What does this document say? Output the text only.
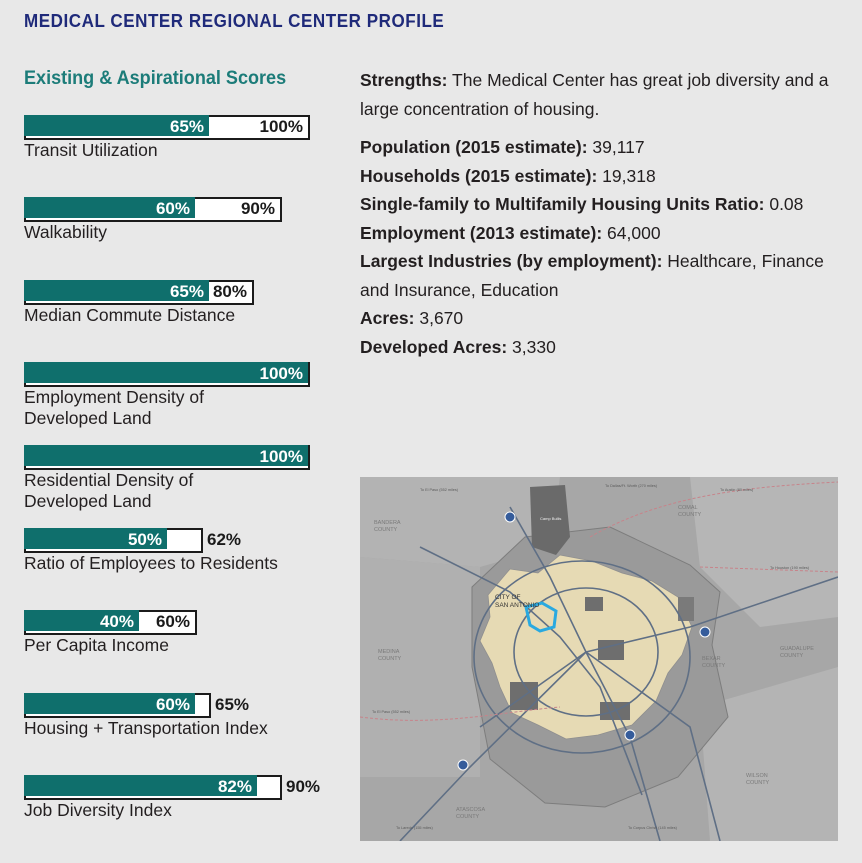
MEDICAL CENTER REGIONAL CENTER PROFILE
Existing & Aspirational Scores
65%	100%
Transit Utilization
60%	90%
Walkability
65% 80%
Median Commute Distance
100%
Employment Density of
Developed Land
100%
Residential Density of
Developed Land
50%	62%
Ratio of Employees to Residents
40%	60%
Per Capita Income
60% 65%
Housing + Transportation Index
82% 90%
Job Diversity Index
Strengths: The Medical Center has great job diversity and a large concentration of housing.
Population (2015 estimate): 39,117
Households (2015 estimate): 19,318
Single-family to Multifamily Housing Units Ratio: 0.08
Employment (2013 estimate): 64,000
Largest Industries (by employment): Healthcare, Finance and Insurance, Education
Acres: 3,670
Developed Acres: 3,330
CITY OF
SAN ANTONIO
Camp Bullis
BANDERA
COUNTY
COMAL
COUNTY
MEDINA
COUNTY	BEXAR
COUNTY
GUADALUPE
COUNTY
ATASCOSA
COUNTY
WILSON
COUNTY
To El Paso (552 miles)
To Dallas/Ft. Worth (270 miles)
To Austin (80 miles)
To Houston (190 miles)
To El Paso (552 miles)
To Laredo (155 miles)	To Corpus Christi (145 miles)
